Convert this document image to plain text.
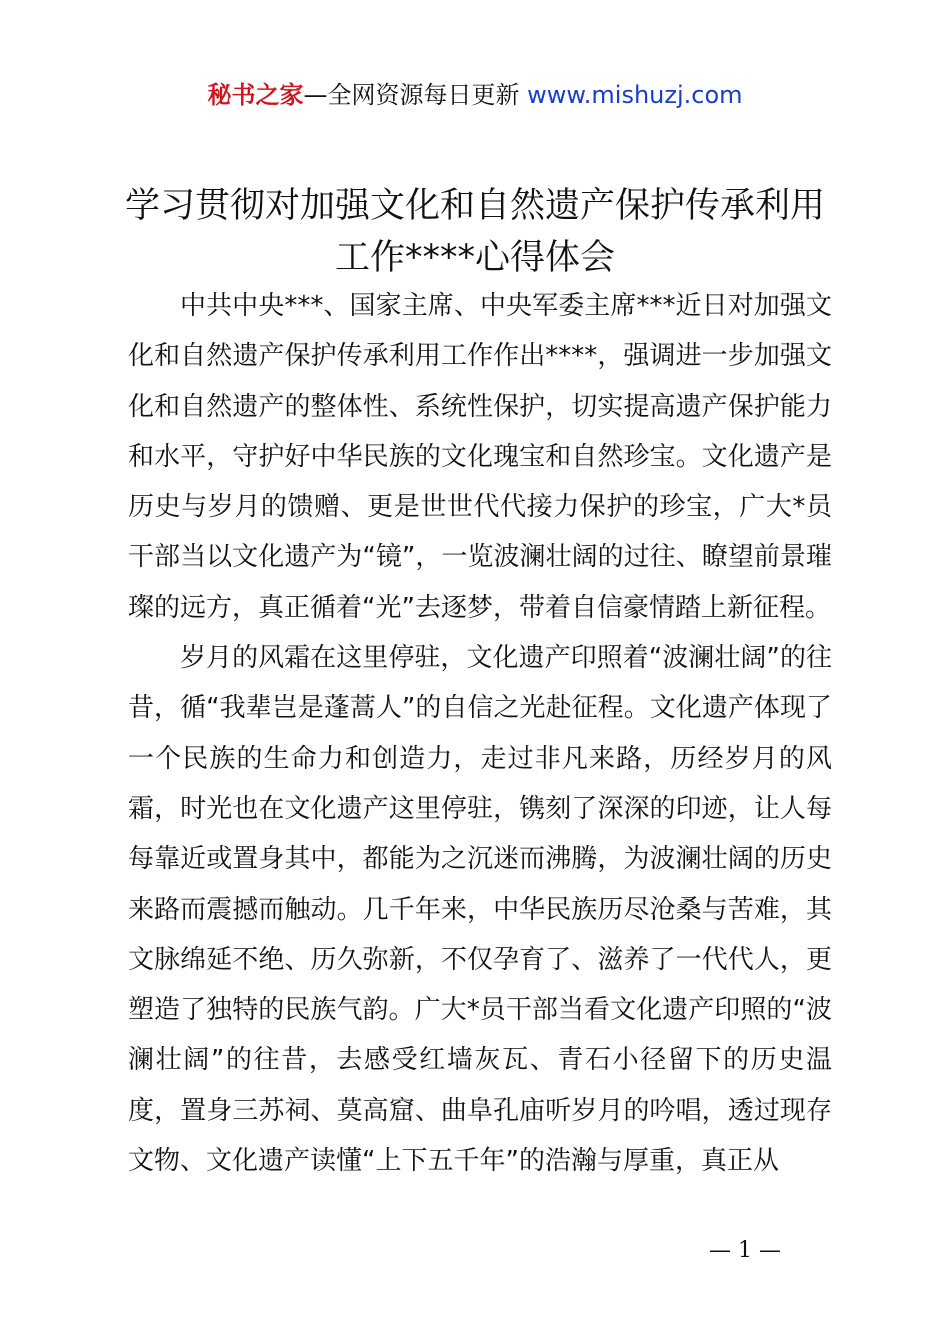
秘书之家—全网资源每日更新 www.mishuzj.com
学习贯彻对加强文化和自然遗产保护传承利用工作****心得体会

中共中央***、国家主席、中央军委主席***近日对加强文化和自然遗产保护传承利用工作作出****，强调进一步加强文化和自然遗产的整体性、系统性保护，切实提高遗产保护能力和水平，守护好中华民族的文化瑰宝和自然珍宝。文化遗产是历史与岁月的馈赠、更是世世代代接力保护的珍宝，广大*员干部当以文化遗产为“镜”，一览波澜壮阔的过往、瞭望前景璀璨的远方，真正循着“光”去逐梦，带着自信豪情踏上新征程。

岁月的风霜在这里停驻，文化遗产印照着“波澜壮阔”的往昔，循“我辈岂是蓬蒿人”的自信之光赴征程。文化遗产体现了一个民族的生命力和创造力，走过非凡来路，历经岁月的风霜，时光也在文化遗产这里停驻，镌刻了深深的印迹，让人每每靠近或置身其中，都能为之沉迷而沸腾，为波澜壮阔的历史来路而震撼而触动。几千年来，中华民族历尽沧桑与苦难，其文脉绵延不绝、历久弥新，不仅孕育了、滋养了一代代人，更塑造了独特的民族气韵。广大*员干部当看文化遗产印照的“波澜壮阔”的往昔，去感受红墙灰瓦、青石小径留下的历史温度，置身三苏祠、莫高窟、曲阜孔庙听岁月的吟唱，透过现存文物、文化遗产读懂“上下五千年”的浩瀚与厚重，真正从

— 1 —
